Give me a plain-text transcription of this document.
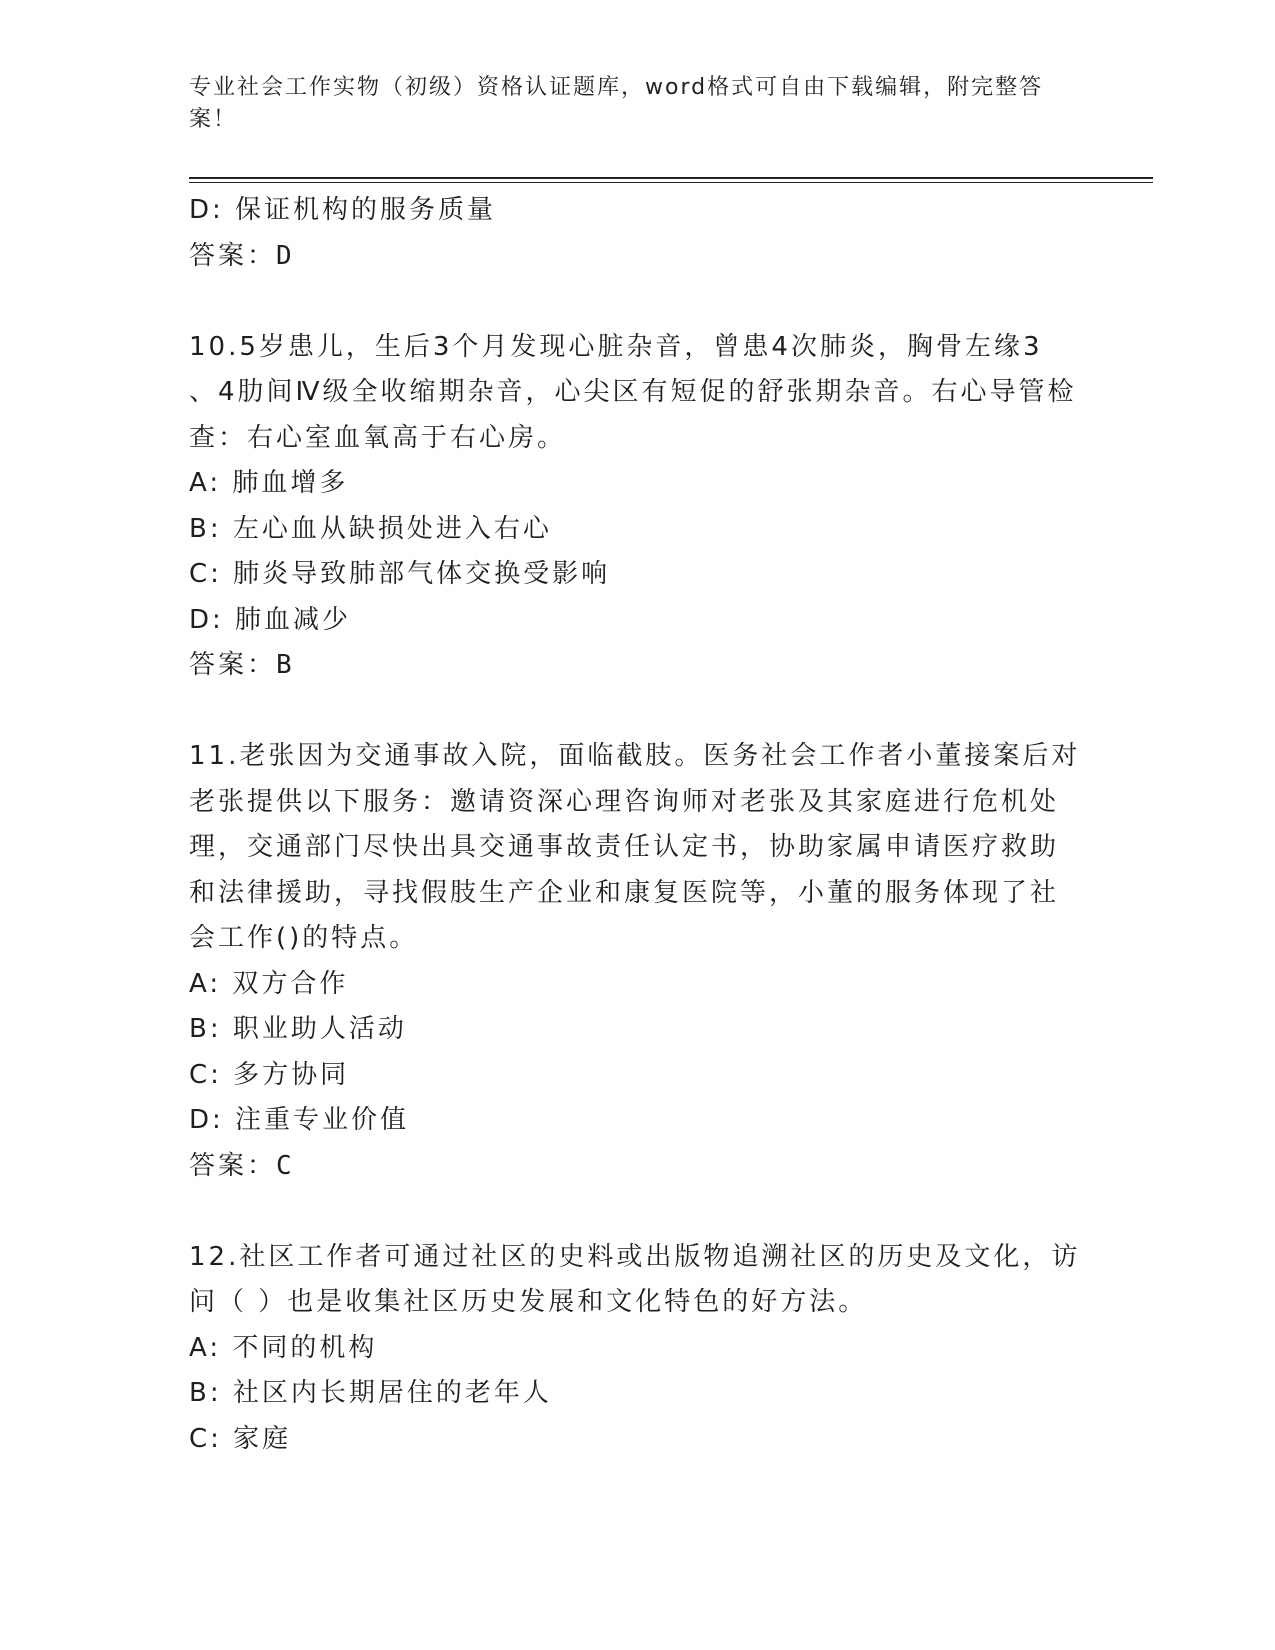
专业社会工作实物（初级）资格认证题库，word格式可自由下载编辑，附完整答案！
D: 保证机构的服务质量
答案：D
10.5岁患儿，生后3个月发现心脏杂音，曾患4次肺炎，胸骨左缘3
、4肋间Ⅳ级全收缩期杂音，心尖区有短促的舒张期杂音。右心导管检
查：右心室血氧高于右心房。
A: 肺血增多
B: 左心血从缺损处进入右心
C: 肺炎导致肺部气体交换受影响
D: 肺血减少
答案：B
11.老张因为交通事故入院，面临截肢。医务社会工作者小董接案后对
老张提供以下服务：邀请资深心理咨询师对老张及其家庭进行危机处
理，交通部门尽快出具交通事故责任认定书，协助家属申请医疗救助
和法律援助，寻找假肢生产企业和康复医院等，小董的服务体现了社
会工作()的特点。
A: 双方合作
B: 职业助人活动
C: 多方协同
D: 注重专业价值
答案：C
12.社区工作者可通过社区的史料或出版物追溯社区的历史及文化，访
问（ ）也是收集社区历史发展和文化特色的好方法。
A: 不同的机构
B: 社区内长期居住的老年人
C: 家庭
